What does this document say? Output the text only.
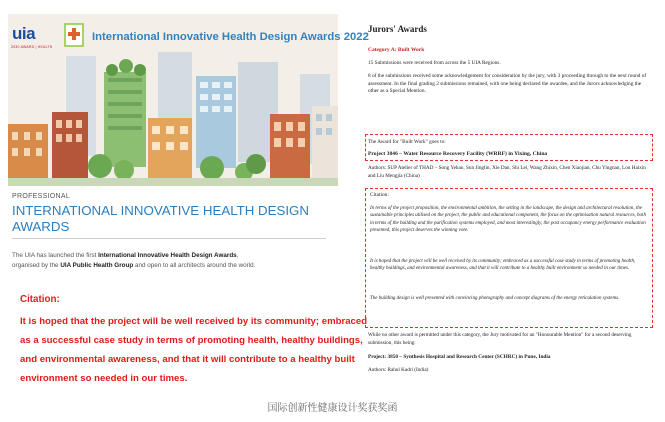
uia
2030 AWARD | HEALTH
International Innovative Health Design Awards 2022
PROFESSIONAL
INTERNATIONAL INNOVATIVE HEALTH DESIGN AWARDS
The UIA has launched the first International Innovative Health Design Awards,
organised by the UIA Public Health Group and open to all architects around the world.
Citation:
It is hoped that the project will be well received by its community; embraced as a successful case study in terms of promoting health, healthy buildings, and environmental awareness, and that it will contribute to a healthy built environment so needed in our times.
Jurors' Awards
Category A: Built Work
15 Submissions were received from across the 5 UIA Regions.
8 of the submissions received some acknowledgement for consideration by the jury, with 3 proceeding through to the next round of assessment. In the final grading 2 submissions remained, with one being declared the awardee, and the Jurors acknowledging the other as a Special Mention.
The Award for "Built Work" goes to:
Project 3846 – Water Resource Recovery Facility (WRRF) in Yixing, China
Authors: SUP Atelier of THAD – Song Yehao, Sun Jinglin, Xie Dan, Shi Lei, Wang Zhixin, Chen Xiaojian, Chu Yingnan, Lou Haixin and Liu Mengjia (China)
Citation:
In terms of the project proposition, the environmental ambition, the setting in the landscape, the design and architectural resolution, the sustainable principles utilised on the project, the public and educational component, the focus on the optimisation natural resources, both in terms of the building and the purification systems employed, and most interestingly, the post occupancy energy performance evaluation presented, this project deserves the winning vote.
It is hoped that the project will be well received by its community; embraced as a successful case study in terms of promoting health, healthy buildings, and environmental awareness, and that it will contribute to a healthy built environment so needed in our times.
The building design is well presented with convincing photography and concept diagrams of the energy reticulation systems.
While no other award is permitted under this category, the Jury motivated for an "Honourable Mention" for a second deserving submission, this being:
Project: 3850 – Synthesis Hospital and Research Center (SCHRC) in Pune, India
Authors: Rahul Kadri (India)
国际创新性健康设计奖获奖函
